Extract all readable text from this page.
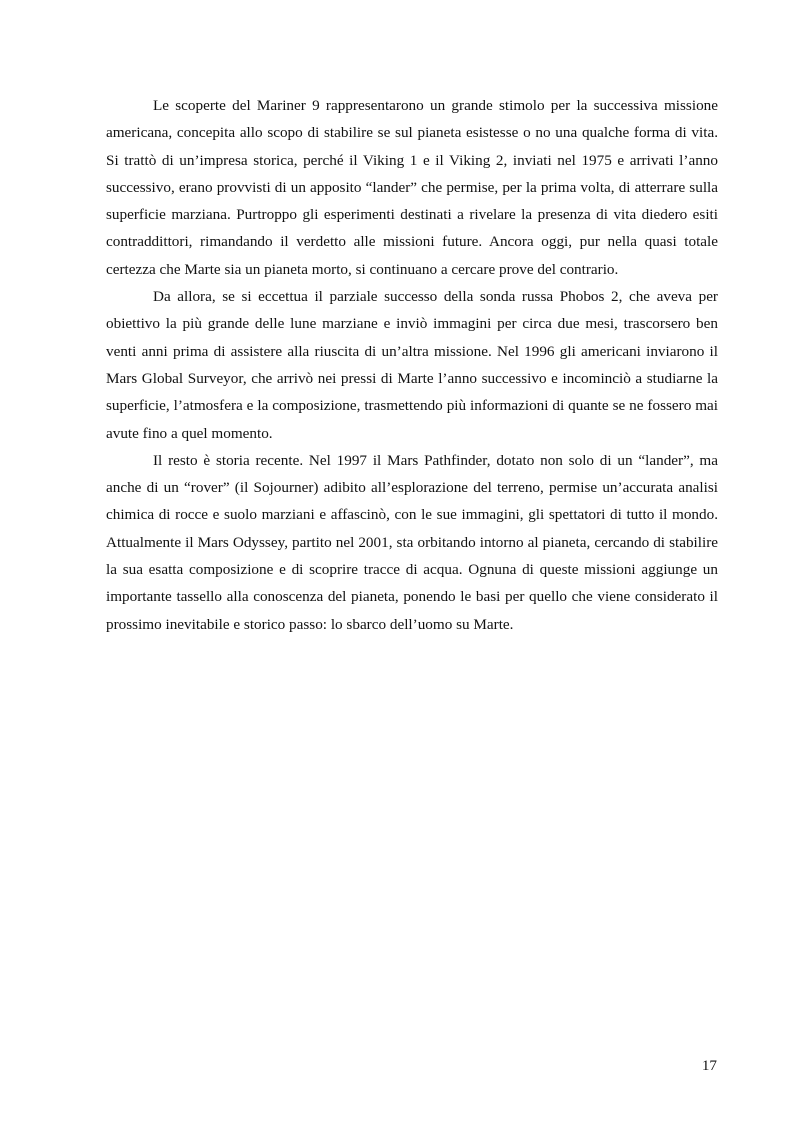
Le scoperte del Mariner 9 rappresentarono un grande stimolo per la successiva missione americana, concepita allo scopo di stabilire se sul pianeta esistesse o no una qualche forma di vita. Si trattò di un’impresa storica, perché il Viking 1 e il Viking 2, inviati nel 1975 e arrivati l’anno successivo, erano provvisti di un apposito “lander” che permise, per la prima volta, di atterrare sulla superficie marziana. Purtroppo gli esperimenti destinati a rivelare la presenza di vita diedero esiti contraddittori, rimandando il verdetto alle missioni future. Ancora oggi, pur nella quasi totale certezza che Marte sia un pianeta morto, si continuano a cercare prove del contrario.

Da allora, se si eccettua il parziale successo della sonda russa Phobos 2, che aveva per obiettivo la più grande delle lune marziane e inviò immagini per circa due mesi, trascorsero ben venti anni prima di assistere alla riuscita di un’altra missione. Nel 1996 gli americani inviarono il Mars Global Surveyor, che arrivò nei pressi di Marte l’anno successivo e incominciò a studiarne la superficie, l’atmosfera e la composizione, trasmettendo più informazioni di quante se ne fossero mai avute fino a quel momento.

Il resto è storia recente. Nel 1997 il Mars Pathfinder, dotato non solo di un “lander”, ma anche di un “rover” (il Sojourner) adibito all’esplorazione del terreno, permise un’accurata analisi chimica di rocce e suolo marziani e affascinò, con le sue immagini, gli spettatori di tutto il mondo. Attualmente il Mars Odyssey, partito nel 2001, sta orbitando intorno al pianeta, cercando di stabilire la sua esatta composizione e di scoprire tracce di acqua. Ognuna di queste missioni aggiunge un importante tassello alla conoscenza del pianeta, ponendo le basi per quello che viene considerato il prossimo inevitabile e storico passo: lo sbarco dell’uomo su Marte.

17
